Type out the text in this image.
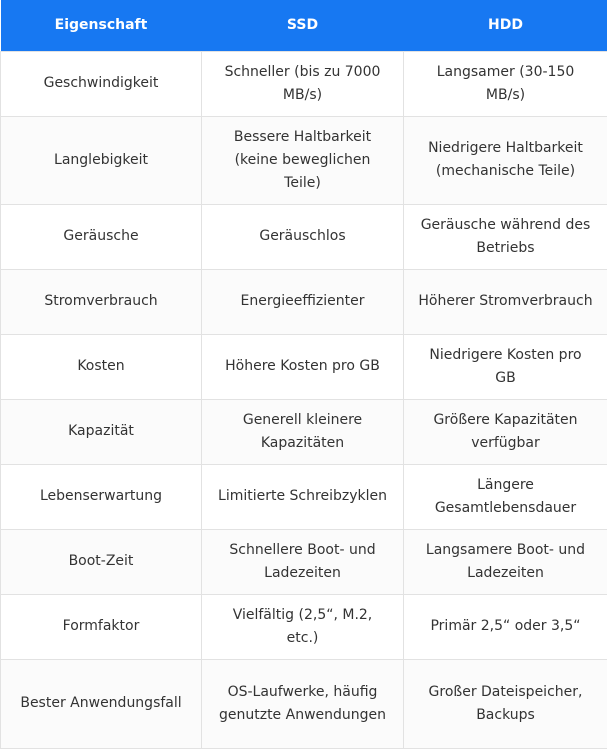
Eigenschaft	SSD	HDD
Geschwindigkeit	Schneller (bis zu 7000 MB/s)	Langsamer (30-150 MB/s)
Langlebigkeit	Bessere Haltbarkeit (keine beweglichen Teile)	Niedrigere Haltbarkeit (mechanische Teile)
Geräusche	Geräuschlos	Geräusche während des Betriebs
Stromverbrauch	Energieeffizienter	Höherer Stromverbrauch
Kosten	Höhere Kosten pro GB	Niedrigere Kosten pro GB
Kapazität	Generell kleinere Kapazitäten	Größere Kapazitäten verfügbar
Lebenserwartung	Limitierte Schreibzyklen	Längere Gesamtlebensdauer
Boot-Zeit	Schnellere Boot- und Ladezeiten	Langsamere Boot- und Ladezeiten
Formfaktor	Vielfältig (2,5“, M.2, etc.)	Primär 2,5“ oder 3,5“
Bester Anwendungsfall	OS-Laufwerke, häufig genutzte Anwendungen	Großer Dateispeicher, Backups
